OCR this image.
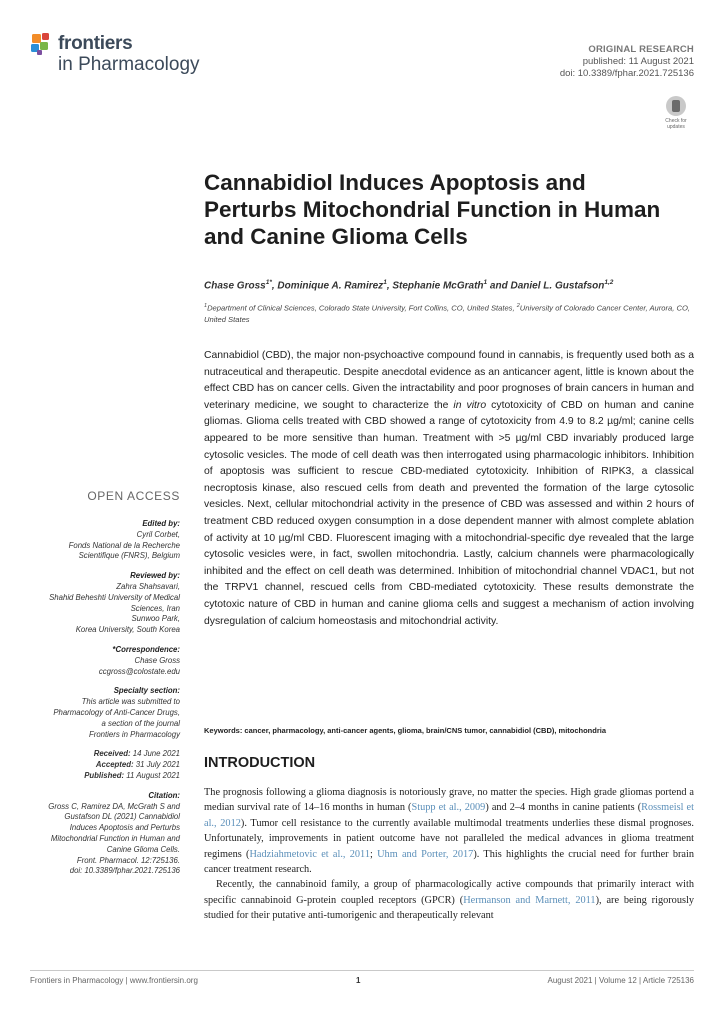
frontiers
in Pharmacology
ORIGINAL RESEARCH
published: 11 August 2021
doi: 10.3389/fphar.2021.725136
Check for updates
Cannabidiol Induces Apoptosis and Perturbs Mitochondrial Function in Human and Canine Glioma Cells
Chase Gross$^{1*}$, Dominique A. Ramirez$^1$, Stephanie McGrath$^1$ and Daniel L. Gustafson$^{1,2}$
$^1$Department of Clinical Sciences, Colorado State University, Fort Collins, CO, United States, $^2$University of Colorado Cancer Center, Aurora, CO, United States
Cannabidiol (CBD), the major non-psychoactive compound found in cannabis, is frequently used both as a nutraceutical and therapeutic. Despite anecdotal evidence as an anticancer agent, little is known about the effect CBD has on cancer cells. Given the intractability and poor prognoses of brain cancers in human and veterinary medicine, we sought to characterize the in vitro cytotoxicity of CBD on human and canine gliomas. Glioma cells treated with CBD showed a range of cytotoxicity from 4.9 to 8.2 µg/ml; canine cells appeared to be more sensitive than human. Treatment with >5 µg/ml CBD invariably produced large cytosolic vesicles. The mode of cell death was then interrogated using pharmacologic inhibitors. Inhibition of apoptosis was sufficient to rescue CBD-mediated cytotoxicity. Inhibition of RIPK3, a classical necroptosis kinase, also rescued cells from death and prevented the formation of the large cytosolic vesicles. Next, cellular mitochondrial activity in the presence of CBD was assessed and within 2 hours of treatment CBD reduced oxygen consumption in a dose dependent manner with almost complete ablation of activity at 10 µg/ml CBD. Fluorescent imaging with a mitochondrial-specific dye revealed that the large cytosolic vesicles were, in fact, swollen mitochondria. Lastly, calcium channels were pharmacologically inhibited and the effect on cell death was determined. Inhibition of mitochondrial channel VDAC1, but not the TRPV1 channel, rescued cells from CBD-mediated cytotoxicity. These results demonstrate the cytotoxic nature of CBD in human and canine glioma cells and suggest a mechanism of action involving dysregulation of calcium homeostasis and mitochondrial activity.
Keywords: cancer, pharmacology, anti-cancer agents, glioma, brain/CNS tumor, cannabidiol (CBD), mitochondria
INTRODUCTION

The prognosis following a glioma diagnosis is notoriously grave, no matter the species. High grade gliomas portend a median survival rate of 14–16 months in human (Stupp et al., 2009) and 2–4 months in canine patients (Rossmeisl et al., 2012). Tumor cell resistance to the currently available multimodal treatments underlies these dismal prognoses. Unfortunately, improvements in patient outcome have not paralleled the medical advances in glioma treatment regimens (Hadziahmetovic et al., 2011; Uhm and Porter, 2017). This highlights the crucial need for further brain cancer treatment research.

Recently, the cannabinoid family, a group of pharmacologically active compounds that primarily interact with specific cannabinoid G-protein coupled receptors (GPCR) (Hermanson and Marnett, 2011), are being rigorously studied for their putative anti-tumorigenic and therapeutically relevant

OPEN ACCESS
Edited by:
Cyril Corbet,
Fonds National de la Recherche
Scientifique (FNRS), Belgium
Reviewed by:
Zahra Shahsavari,
Shahid Beheshti University of Medical
Sciences, Iran
Sunwoo Park,
Korea University, South Korea
*Correspondence:
Chase Gross
ccgross@colostate.edu
Specialty section:
This article was submitted to
Pharmacology of Anti-Cancer Drugs,
a section of the journal
Frontiers in Pharmacology
Received: 14 June 2021
Accepted: 31 July 2021
Published: 11 August 2021
Citation:
Gross C, Ramirez DA, McGrath S and
Gustafson DL (2021) Cannabidiol
Induces Apoptosis and Perturbs
Mitochondrial Function in Human and
Canine Glioma Cells.
Front. Pharmacol. 12:725136.
doi: 10.3389/fphar.2021.725136
Frontiers in Pharmacology | www.frontiersin.org	1	August 2021 | Volume 12 | Article 725136
